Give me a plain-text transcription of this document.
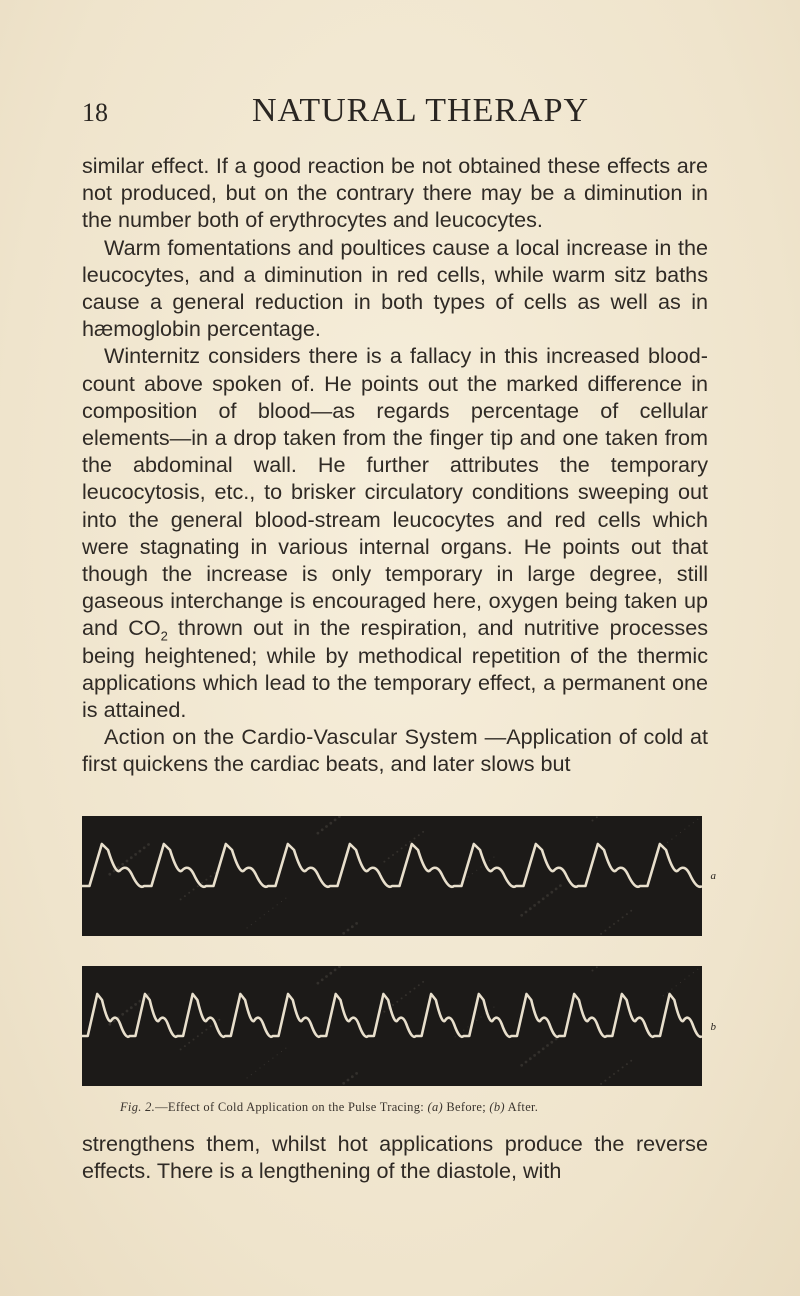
18	NATURAL THERAPY

similar effect. If a good reaction be not obtained these effects are not produced, but on the contrary there may be a diminution in the number both of erythrocytes and leucocytes.

Warm fomentations and poultices cause a local increase in the leucocytes, and a diminution in red cells, while warm sitz baths cause a general reduction in both types of cells as well as in hæmoglobin percentage.

Winternitz considers there is a fallacy in this increased blood-count above spoken of. He points out the marked difference in composition of blood—as regards percentage of cellular elements—in a drop taken from the finger tip and one taken from the abdominal wall. He further attributes the temporary leucocytosis, etc., to brisker circulatory conditions sweeping out into the general blood-stream leucocytes and red cells which were stagnating in various internal organs. He points out that though the increase is only temporary in large degree, still gaseous interchange is encouraged here, oxygen being taken up and $CO_2$ thrown out in the respiration, and nutritive processes being heightened; while by methodical repetition of the thermic applications which lead to the temporary effect, a permanent one is attained.

Action on the Cardio-Vascular System —Application of cold at first quickens the cardiac beats, and later slows but

a
b
Fig. 2.—Effect of Cold Application on the Pulse Tracing: (a) Before; (b) After.

strengthens them, whilst hot applications produce the reverse effects. There is a lengthening of the diastole, with
